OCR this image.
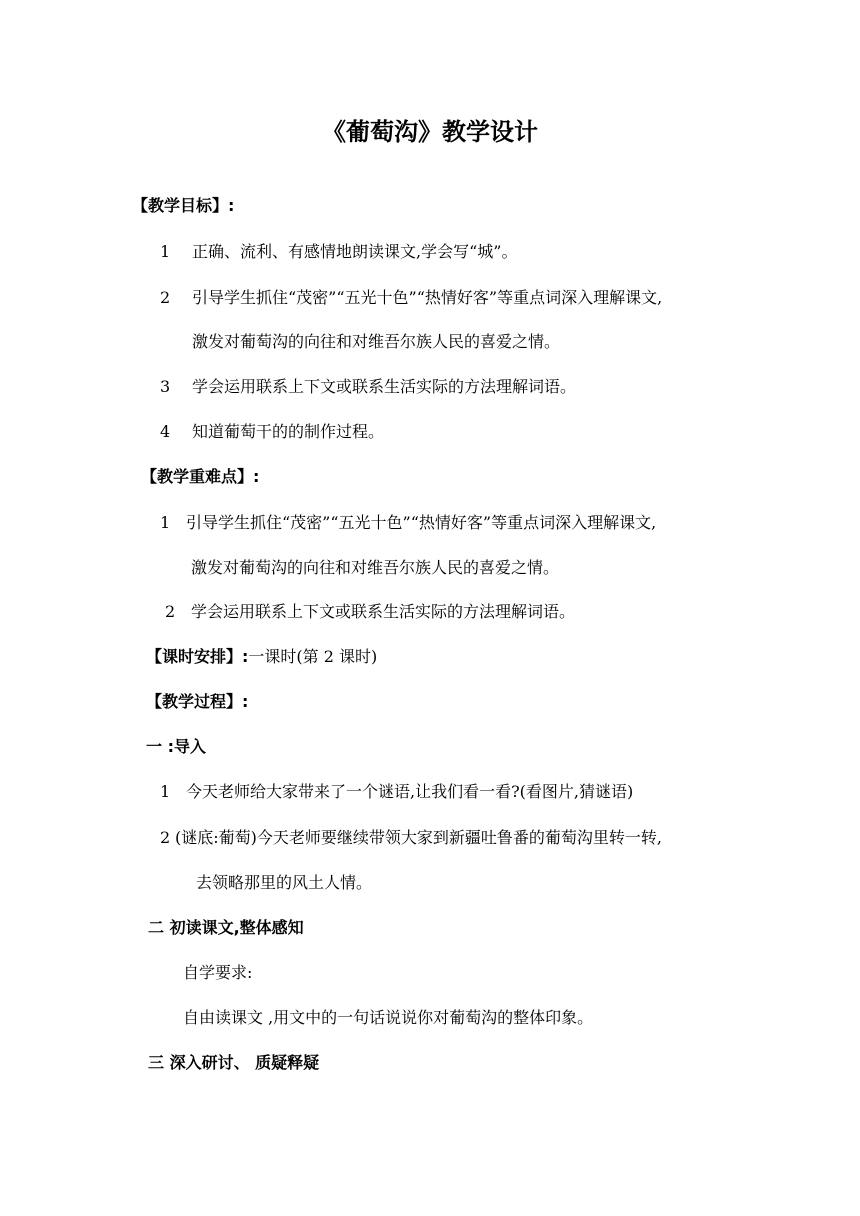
《葡萄沟》教学设计
【教学目标】:
1 正确、流利、有感情地朗读课文,学会写“城”。
2 引导学生抓住“茂密”“五光十色”“热情好客”等重点词深入理解课文,
激发对葡萄沟的向往和对维吾尔族人民的喜爱之情。
3 学会运用联系上下文或联系生活实际的方法理解词语。
4 知道葡萄干的的制作过程。
【教学重难点】:
1 引导学生抓住“茂密”“五光十色”“热情好客”等重点词深入理解课文,
激发对葡萄沟的向往和对维吾尔族人民的喜爱之情。
2 学会运用联系上下文或联系生活实际的方法理解词语。
【课时安排】:一课时(第 2 课时)
【教学过程】:
一 :导入
1 今天老师给大家带来了一个谜语,让我们看一看?(看图片,猜谜语)
2 (谜底:葡萄)今天老师要继续带领大家到新疆吐鲁番的葡萄沟里转一转,
去领略那里的风土人情。
二 初读课文,整体感知
自学要求:
自由读课文 ,用文中的一句话说说你对葡萄沟的整体印象。
三 深入研讨、 质疑释疑
